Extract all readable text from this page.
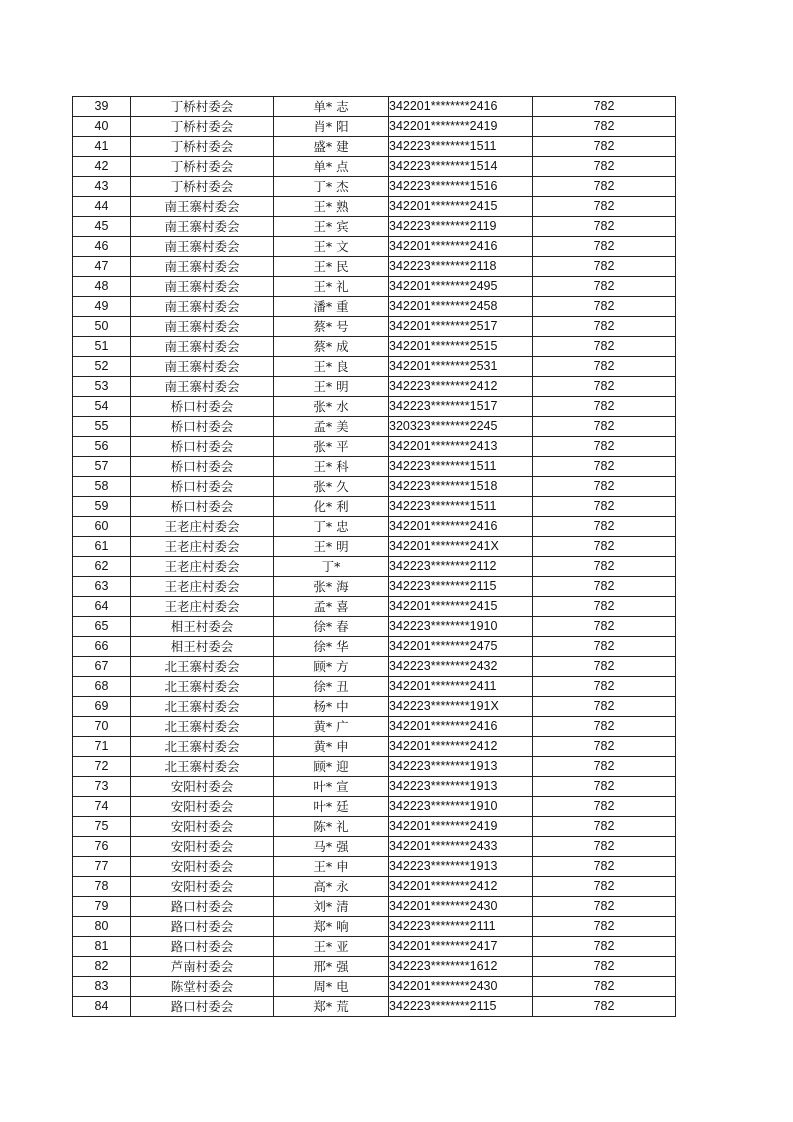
39	丁桥村委会	单* 志	342201********2416	782
40	丁桥村委会	肖* 阳	342201********2419	782
41	丁桥村委会	盛* 建	342223********1511	782
42	丁桥村委会	单* 点	342223********1514	782
43	丁桥村委会	丁* 杰	342223********1516	782
44	南王寨村委会	王* 熟	342201********2415	782
45	南王寨村委会	王* 宾	342223********2119	782
46	南王寨村委会	王* 文	342201********2416	782
47	南王寨村委会	王* 民	342223********2118	782
48	南王寨村委会	王* 礼	342201********2495	782
49	南王寨村委会	潘* 重	342201********2458	782
50	南王寨村委会	蔡* 号	342201********2517	782
51	南王寨村委会	蔡* 成	342201********2515	782
52	南王寨村委会	王* 良	342201********2531	782
53	南王寨村委会	王* 明	342223********2412	782
54	桥口村委会	张* 水	342223********1517	782
55	桥口村委会	孟* 美	320323********2245	782
56	桥口村委会	张* 平	342201********2413	782
57	桥口村委会	王* 科	342223********1511	782
58	桥口村委会	张* 久	342223********1518	782
59	桥口村委会	化* 利	342223********1511	782
60	王老庄村委会	丁* 忠	342201********2416	782
61	王老庄村委会	王* 明	342201********241X	782
62	王老庄村委会	丁*	342223********2112	782
63	王老庄村委会	张* 海	342223********2115	782
64	王老庄村委会	孟* 喜	342201********2415	782
65	相王村委会	徐* 春	342223********1910	782
66	相王村委会	徐* 华	342201********2475	782
67	北王寨村委会	顾* 方	342223********2432	782
68	北王寨村委会	徐* 丑	342201********2411	782
69	北王寨村委会	杨* 中	342223********191X	782
70	北王寨村委会	黄* 广	342201********2416	782
71	北王寨村委会	黄* 申	342201********2412	782
72	北王寨村委会	顾* 迎	342223********1913	782
73	安阳村委会	叶* 宣	342223********1913	782
74	安阳村委会	叶* 廷	342223********1910	782
75	安阳村委会	陈* 礼	342201********2419	782
76	安阳村委会	马* 强	342201********2433	782
77	安阳村委会	王* 申	342223********1913	782
78	安阳村委会	高* 永	342201********2412	782
79	路口村委会	刘* 清	342201********2430	782
80	路口村委会	郑* 响	342223********2111	782
81	路口村委会	王* 亚	342201********2417	782
82	芦南村委会	邢* 强	342223********1612	782
83	陈堂村委会	周* 电	342201********2430	782
84	路口村委会	郑* 荒	342223********2115	782
